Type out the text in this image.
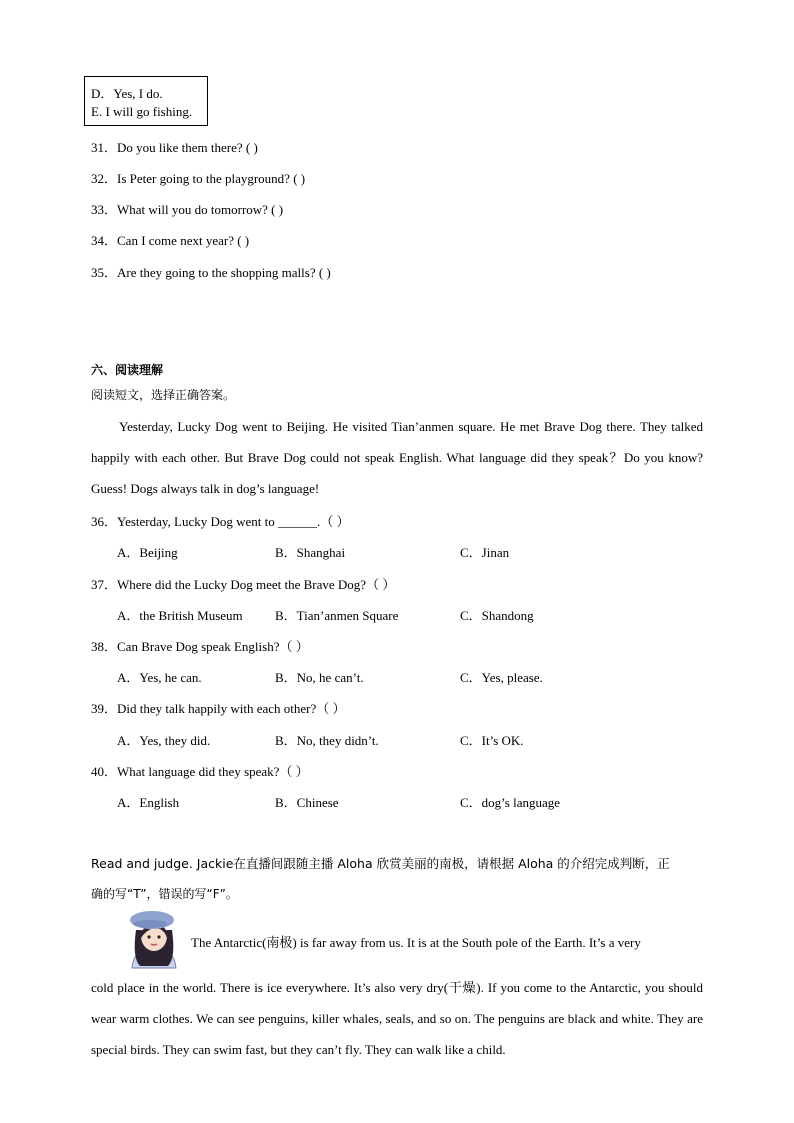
D．Yes, I do.
E. I will go fishing.
31．Do you like them there? ( )
32．Is Peter going to the playground? ( )
33．What will you do tomorrow? ( )
34．Can I come next year? ( )
35．Are they going to the shopping malls? ( )
六、阅读理解
阅读短文，选择正确答案。
Yesterday, Lucky Dog went to Beijing. He visited Tian’anmen square. He met Brave Dog there. They talked happily with each other. But Brave Dog could not speak English. What language did they speak？Do you know? Guess! Dogs always talk in dog’s language!
36．Yesterday, Lucky Dog went to ______.（ ）
A．Beijing	B．Shanghai	C．Jinan
37．Where did the Lucky Dog meet the Brave Dog?（ ）
A．the British Museum B．Tian’anmen Square	C．Shandong
38．Can Brave Dog speak English?（ ）
A．Yes, he can.	B．No, he can’t.	C．Yes, please.
39．Did they talk happily with each other?（ ）
A．Yes, they did.	B．No, they didn’t.	C．It’s OK.
40．What language did they speak?（ ）
A．English	B．Chinese	C．dog’s language
Read and judge. Jackie在直播间跟随主播 Aloha 欣赏美丽的南极，请根据 Aloha 的介绍完成判断，正
确的写“T”，错误的写“F”。
The Antarctic(南极) is far away from us. It is at the South pole of the Earth. It’s a very
cold place in the world. There is ice everywhere. It’s also very dry(干燥). If you come to the Antarctic, you should wear warm clothes. We can see penguins, killer whales, seals, and so on. The penguins are black and white. They are special birds. They can swim fast, but they can’t fly. They can walk like a child.
